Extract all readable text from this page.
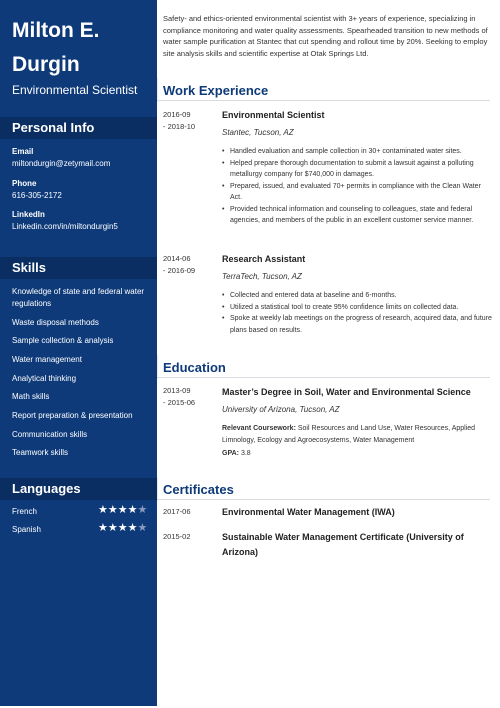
Milton E.
Durgin
Environmental Scientist
Personal Info
Email
miltondurgin@zetymail.com
Phone
616-305-2172
LinkedIn
Linkedin.com/in/miltondurgin5
Skills
Knowledge of state and federal water regulations
Waste disposal methods
Sample collection & analysis
Water management
Analytical thinking
Math skills
Report preparation & presentation
Communication skills
Teamwork skills
Languages
French	★★★★★
Spanish	★★★★★
Safety- and ethics-oriented environmental scientist with 3+ years of experience, specializing in compliance monitoring and water quality assessments. Spearheaded transition to new methods of water sample purification at Stantec that cut spending and rollout time by 20%. Seeking to employ site analysis skills and scientific expertise at Otak Springs Ltd.
Work Experience
2016-09
- 2018-10
Environmental Scientist
Stantec, Tucson, AZ
• Handled evaluation and sample collection in 30+ contaminated water sites.
• Helped prepare thorough documentation to submit a lawsuit against a polluting metallurgy company for $740,000 in damages.
• Prepared, issued, and evaluated 70+ permits in compliance with the Clean Water Act.
• Provided technical information and counseling to colleagues, state and federal agencies, and members of the public in an excellent customer service manner.
2014-06
- 2016-09
Research Assistant
TerraTech, Tucson, AZ
• Collected and entered data at baseline and 6-months.
• Utilized a statistical tool to create 95% confidence limits on collected data.
• Spoke at weekly lab meetings on the progress of research, acquired data, and future plans based on results.
Education
2013-09
- 2015-06
Master’s Degree in Soil, Water and Environmental Science
University of Arizona, Tucson, AZ
Relevant Coursework: Soil Resources and Land Use, Water Resources, Applied Limnology, Ecology and Agroecosystems, Water Management
GPA: 3.8
Certificates
2017-06	Environmental Water Management (IWA)
2015-02	Sustainable Water Management Certificate (University of Arizona)
